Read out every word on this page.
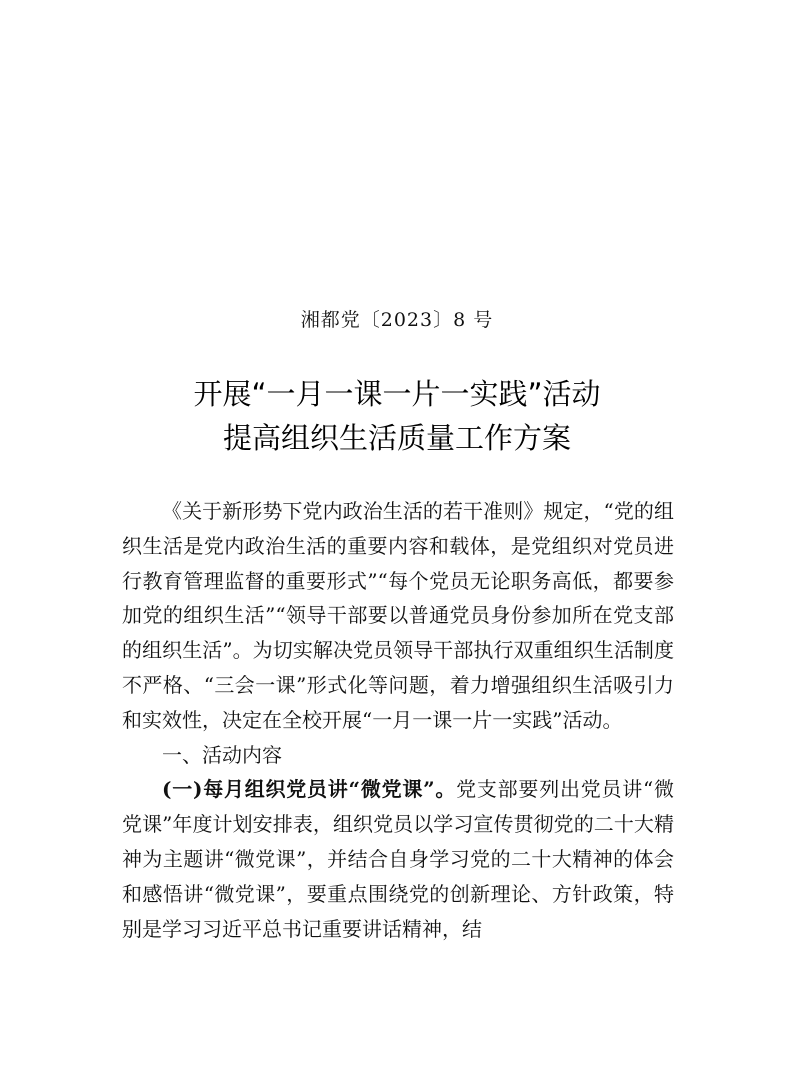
湘都党〔2023〕8 号
开展“一月一课一片一实践”活动
提高组织生活质量工作方案

《关于新形势下党内政治生活的若干准则》规定，“党的组织生活是党内政治生活的重要内容和载体，是党组织对党员进行教育管理监督的重要形式”“每个党员无论职务高低，都要参加党的组织生活”“领导干部要以普通党员身份参加所在党支部的组织生活”。为切实解决党员领导干部执行双重组织生活制度不严格、“三会一课”形式化等问题，着力增强组织生活吸引力和实效性，决定在全校开展“一月一课一片一实践”活动。

一、活动内容

(一)每月组织党员讲“微党课”。党支部要列出党员讲“微党课”年度计划安排表，组织党员以学习宣传贯彻党的二十大精神为主题讲“微党课”，并结合自身学习党的二十大精神的体会和感悟讲“微党课”，要重点围绕党的创新理论、方针政策，特别是学习习近平总书记重要讲话精神，结
